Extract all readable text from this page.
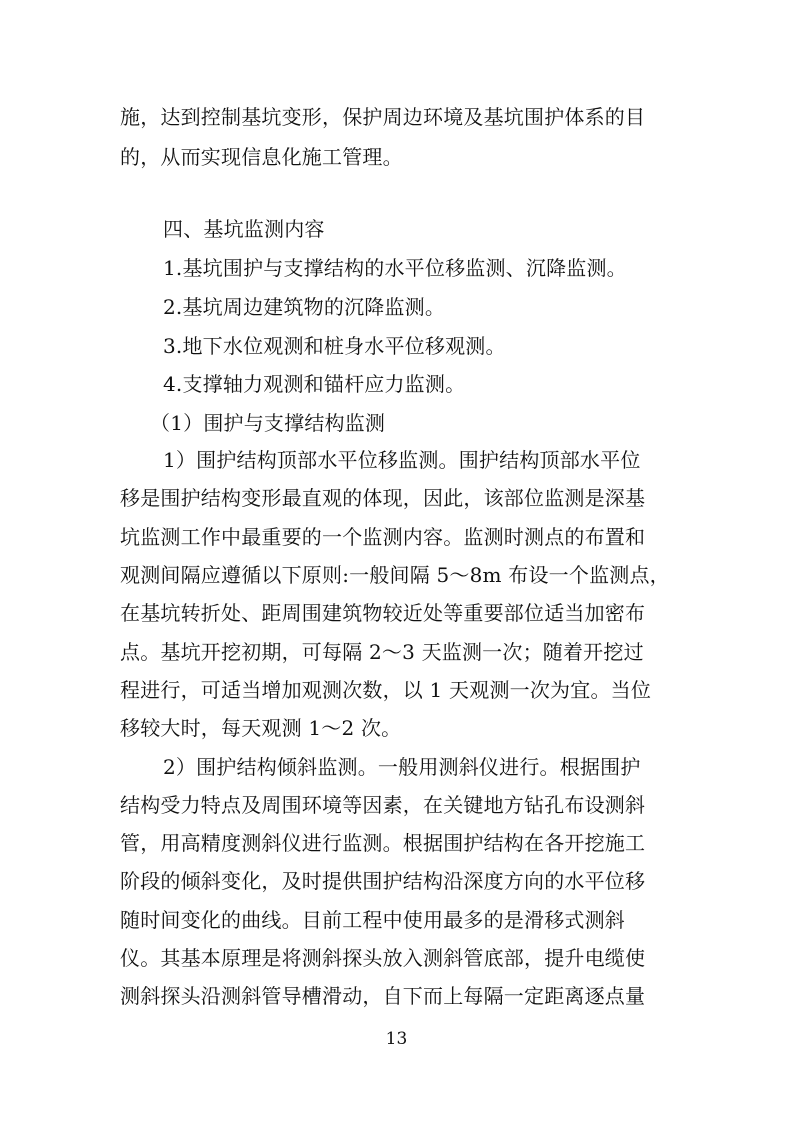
施，达到控制基坑变形，保护周边环境及基坑围护体系的目
的，从而实现信息化施工管理。
四、基坑监测内容
1.基坑围护与支撑结构的水平位移监测、沉降监测。
2.基坑周边建筑物的沉降监测。
3.地下水位观测和桩身水平位移观测。
4.支撑轴力观测和锚杆应力监测。
（1）围护与支撑结构监测
1）围护结构顶部水平位移监测。围护结构顶部水平位
移是围护结构变形最直观的体现，因此，该部位监测是深基
坑监测工作中最重要的一个监测内容。监测时测点的布置和
观测间隔应遵循以下原则:一般间隔 5～8m 布设一个监测点，
在基坑转折处、距周围建筑物较近处等重要部位适当加密布
点。基坑开挖初期，可每隔 2～3 天监测一次；随着开挖过
程进行，可适当增加观测次数，以 1 天观测一次为宜。当位
移较大时，每天观测 1～2 次。
2）围护结构倾斜监测。一般用测斜仪进行。根据围护
结构受力特点及周围环境等因素，在关键地方钻孔布设测斜
管，用高精度测斜仪进行监测。根据围护结构在各开挖施工
阶段的倾斜变化，及时提供围护结构沿深度方向的水平位移
随时间变化的曲线。目前工程中使用最多的是滑移式测斜
仪。其基本原理是将测斜探头放入测斜管底部，提升电缆使
测斜探头沿测斜管导槽滑动，自下而上每隔一定距离逐点量
13
